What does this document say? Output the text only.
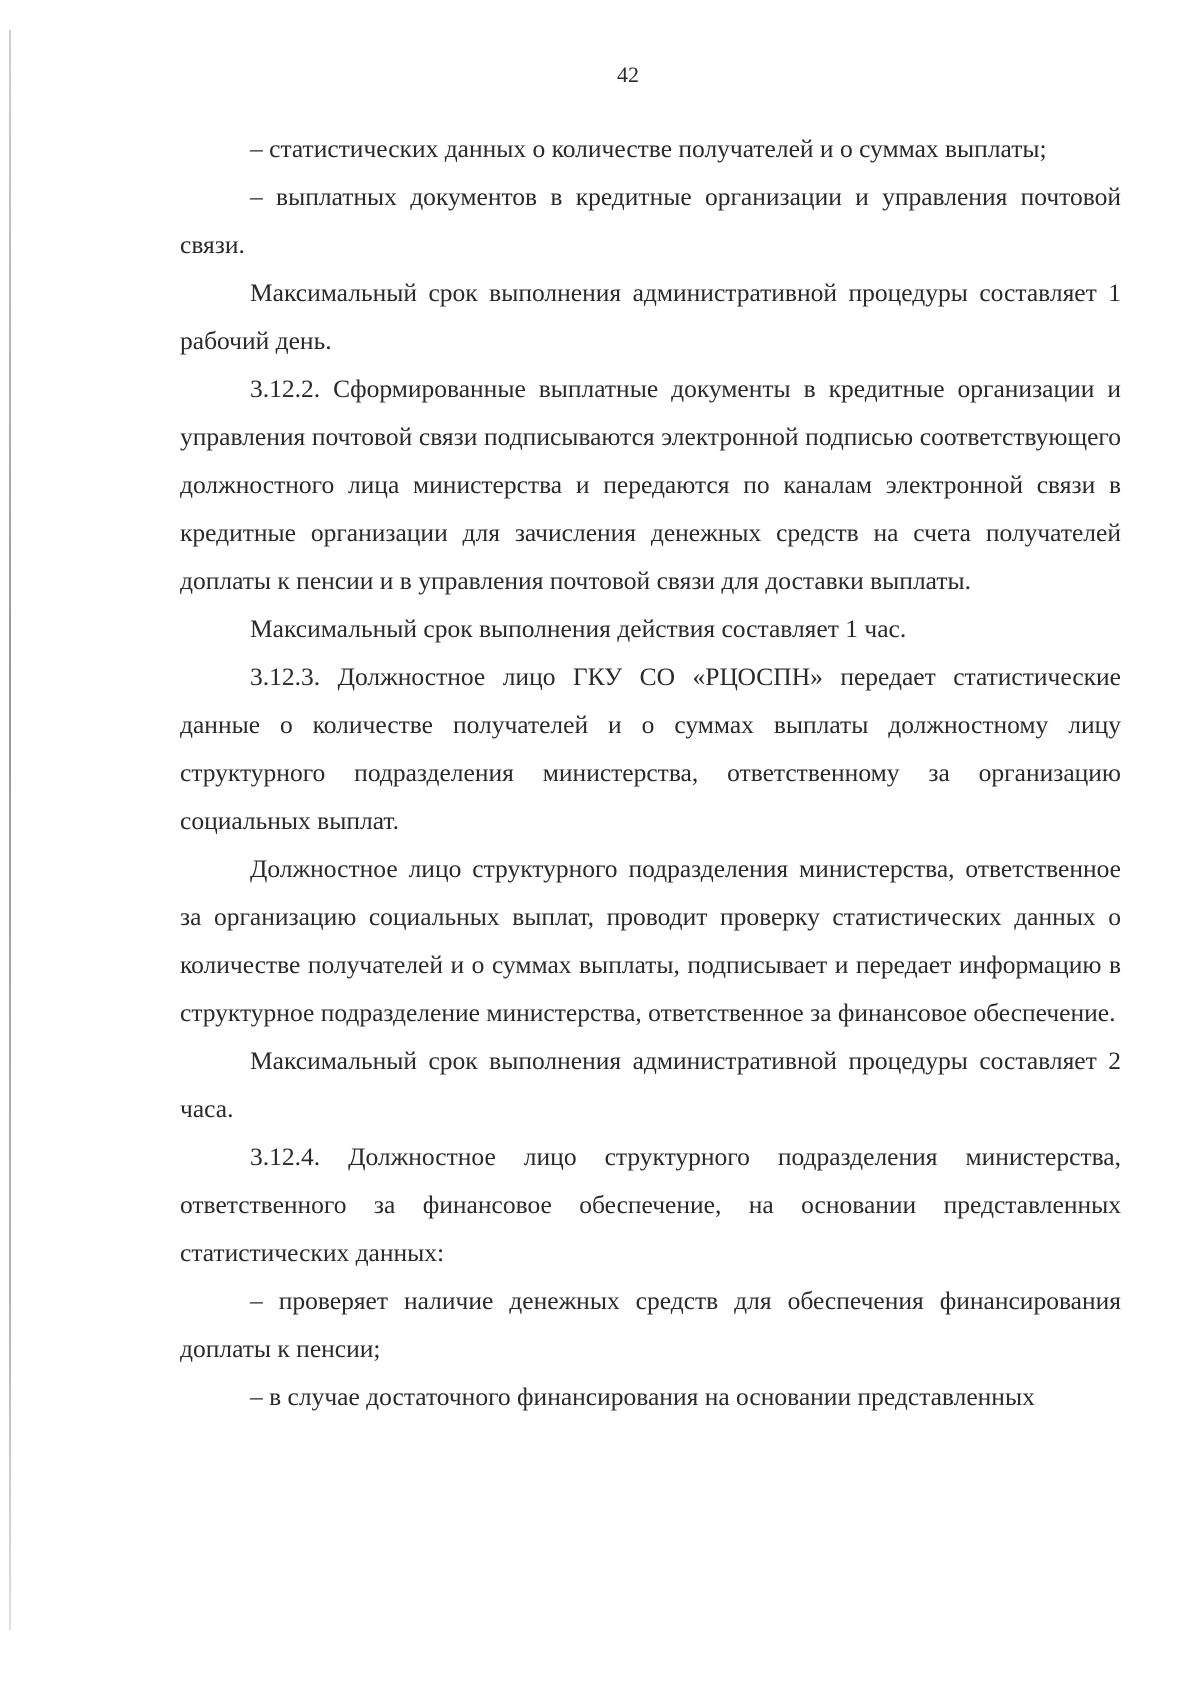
42

– статистических данных о количестве получателей и о суммах выплаты;

– выплатных документов в кредитные организации и управления почтовой связи.

Максимальный срок выполнения административной процедуры составляет 1 рабочий день.

3.12.2. Сформированные выплатные документы в кредитные организации и управления почтовой связи подписываются электронной подписью соответствующего должностного лица министерства и передаются по каналам электронной связи в кредитные организации для зачисления денежных средств на счета получателей доплаты к пенсии и в управления почтовой связи для доставки выплаты.

Максимальный срок выполнения действия составляет 1 час.

3.12.3. Должностное лицо ГКУ СО «РЦОСПН» передает статистические данные о количестве получателей и о суммах выплаты должностному лицу структурного подразделения министерства, ответственному за организацию социальных выплат.

Должностное лицо структурного подразделения министерства, ответственное за организацию социальных выплат, проводит проверку статистических данных о количестве получателей и о суммах выплаты, подписывает и передает информацию в структурное подразделение министерства, ответственное за финансовое обеспечение.

Максимальный срок выполнения административной процедуры составляет 2 часа.

3.12.4. Должностное лицо структурного подразделения министерства, ответственного за финансовое обеспечение, на основании представленных статистических данных:

– проверяет наличие денежных средств для обеспечения финансирования доплаты к пенсии;

– в случае достаточного финансирования на основании представленных
